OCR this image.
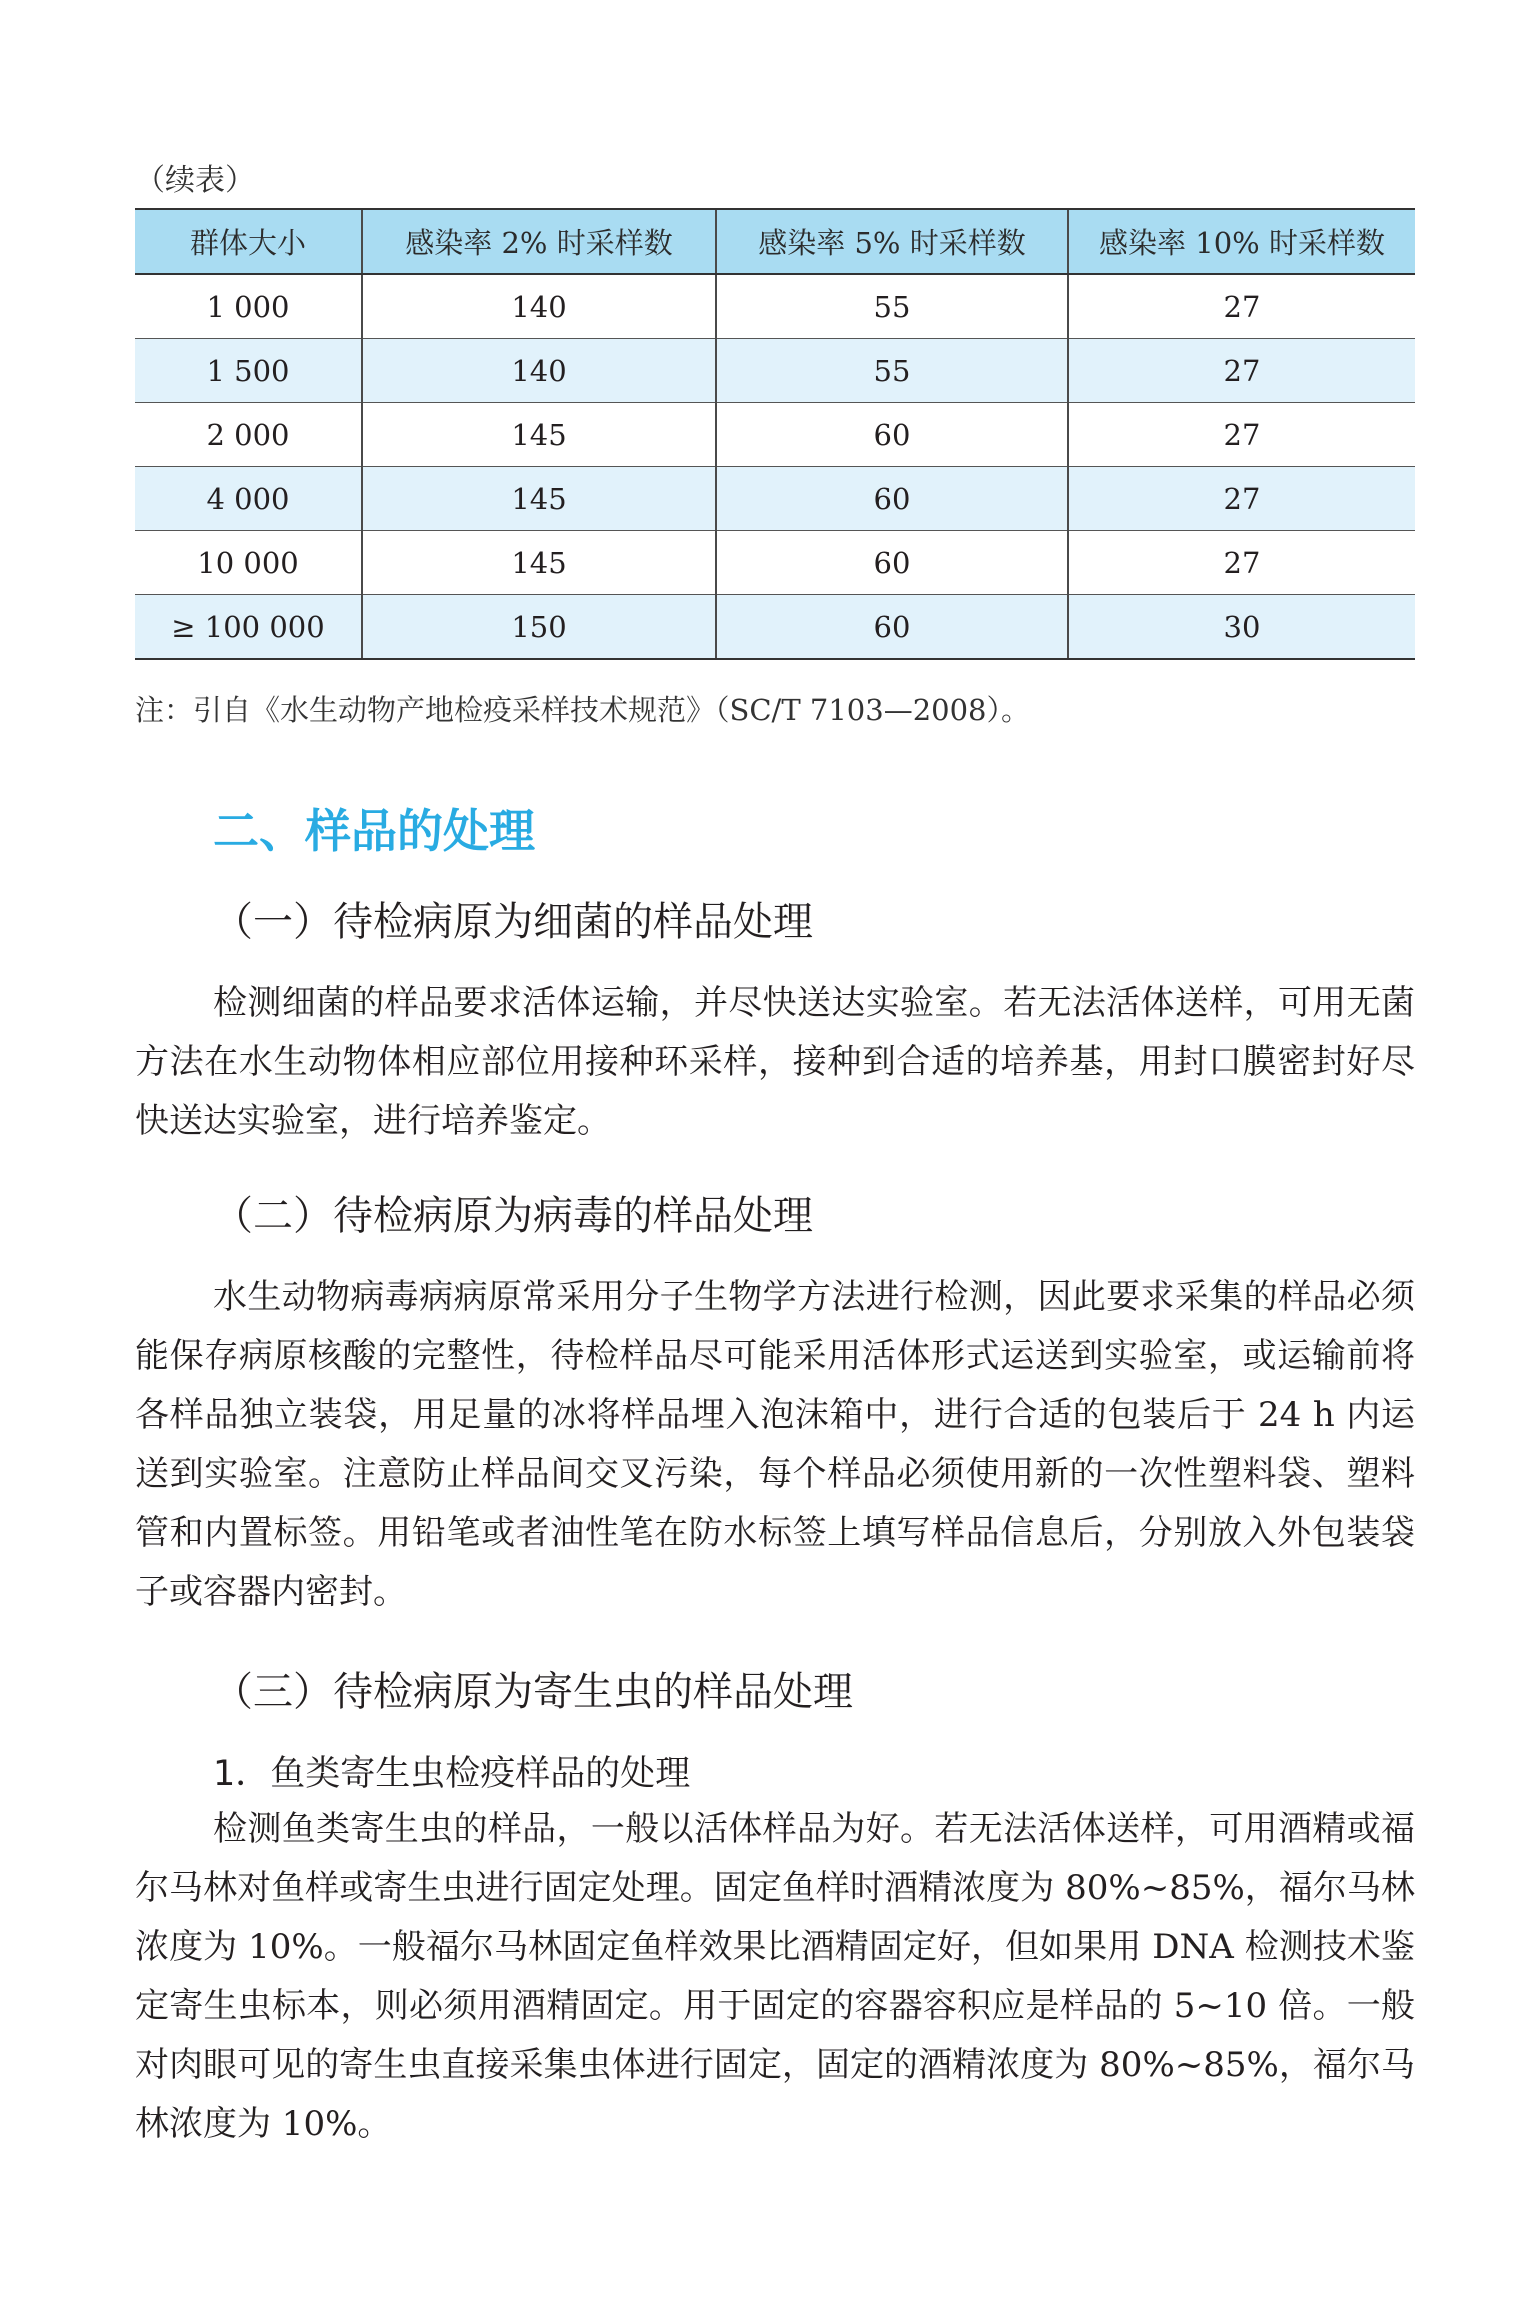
（续表）
群体大小	感染率 2% 时采样数	感染率 5% 时采样数	感染率 10% 时采样数
1 000	140	55	27
1 500	140	55	27
2 000	145	60	27
4 000	145	60	27
10 000	145	60	27
≥ 100 000	150	60	30
注：引自《水生动物产地检疫采样技术规范》（SC/T 7103—2008）。
二、样品的处理
（一）待检病原为细菌的样品处理

检测细菌的样品要求活体运输，并尽快送达实验室。若无法活体送样，可用无菌方法在水生动物体相应部位用接种环采样，接种到合适的培养基，用封口膜密封好尽快送达实验室，进行培养鉴定。

（二）待检病原为病毒的样品处理

水生动物病毒病病原常采用分子生物学方法进行检测，因此要求采集的样品必须能保存病原核酸的完整性，待检样品尽可能采用活体形式运送到实验室，或运输前将各样品独立装袋，用足量的冰将样品埋入泡沫箱中，进行合适的包装后于 24 h 内运送到实验室。注意防止样品间交叉污染，每个样品必须使用新的一次性塑料袋、塑料管和内置标签。用铅笔或者油性笔在防水标签上填写样品信息后，分别放入外包装袋子或容器内密封。

（三）待检病原为寄生虫的样品处理
1．鱼类寄生虫检疫样品的处理

检测鱼类寄生虫的样品，一般以活体样品为好。若无法活体送样，可用酒精或福尔马林对鱼样或寄生虫进行固定处理。固定鱼样时酒精浓度为 80%~85%，福尔马林浓度为 10%。一般福尔马林固定鱼样效果比酒精固定好，但如果用 DNA 检测技术鉴定寄生虫标本，则必须用酒精固定。用于固定的容器容积应是样品的 5~10 倍。一般对肉眼可见的寄生虫直接采集虫体进行固定，固定的酒精浓度为 80%~85%，福尔马林浓度为 10%。
